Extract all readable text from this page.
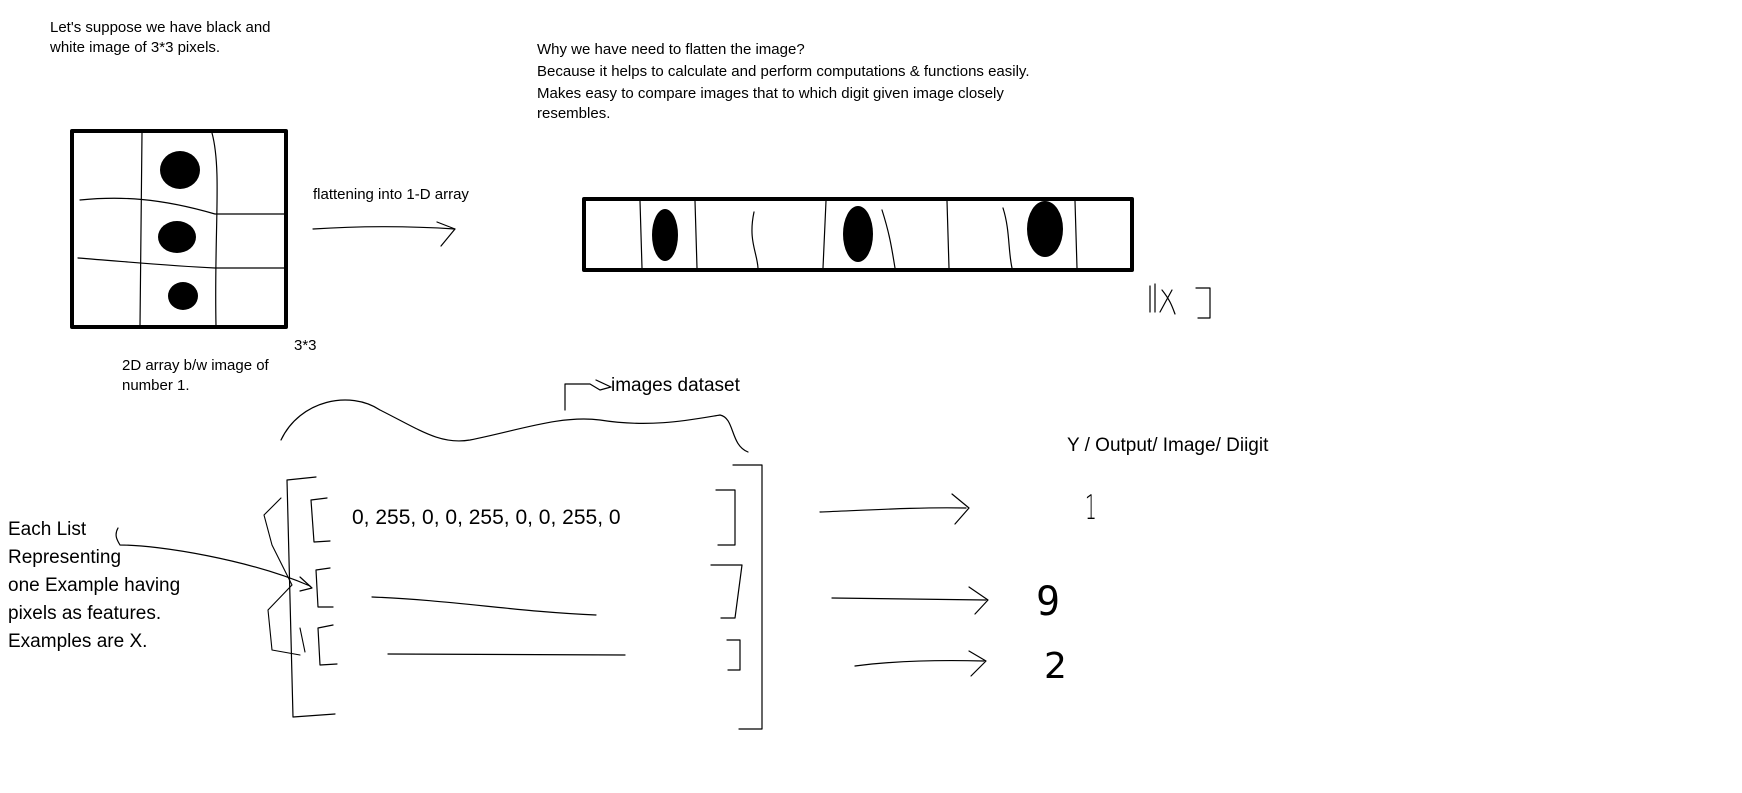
Let's suppose we have black and
white image of 3*3 pixels.	Why we have need to flatten the image?
Because it helps to calculate and perform computations & functions easily.
Makes easy to compare images that to which digit given image closely
resembles.
flattening into 1-D array
3*3
2D array b/w image of
number 1.	images dataset
Y / Output/ Image/ Diigit
0, 255, 0, 0, 255, 0, 0, 255, 0
Each List
Representing
one Example having
pixels as features.
Examples are X.
1
9
2
